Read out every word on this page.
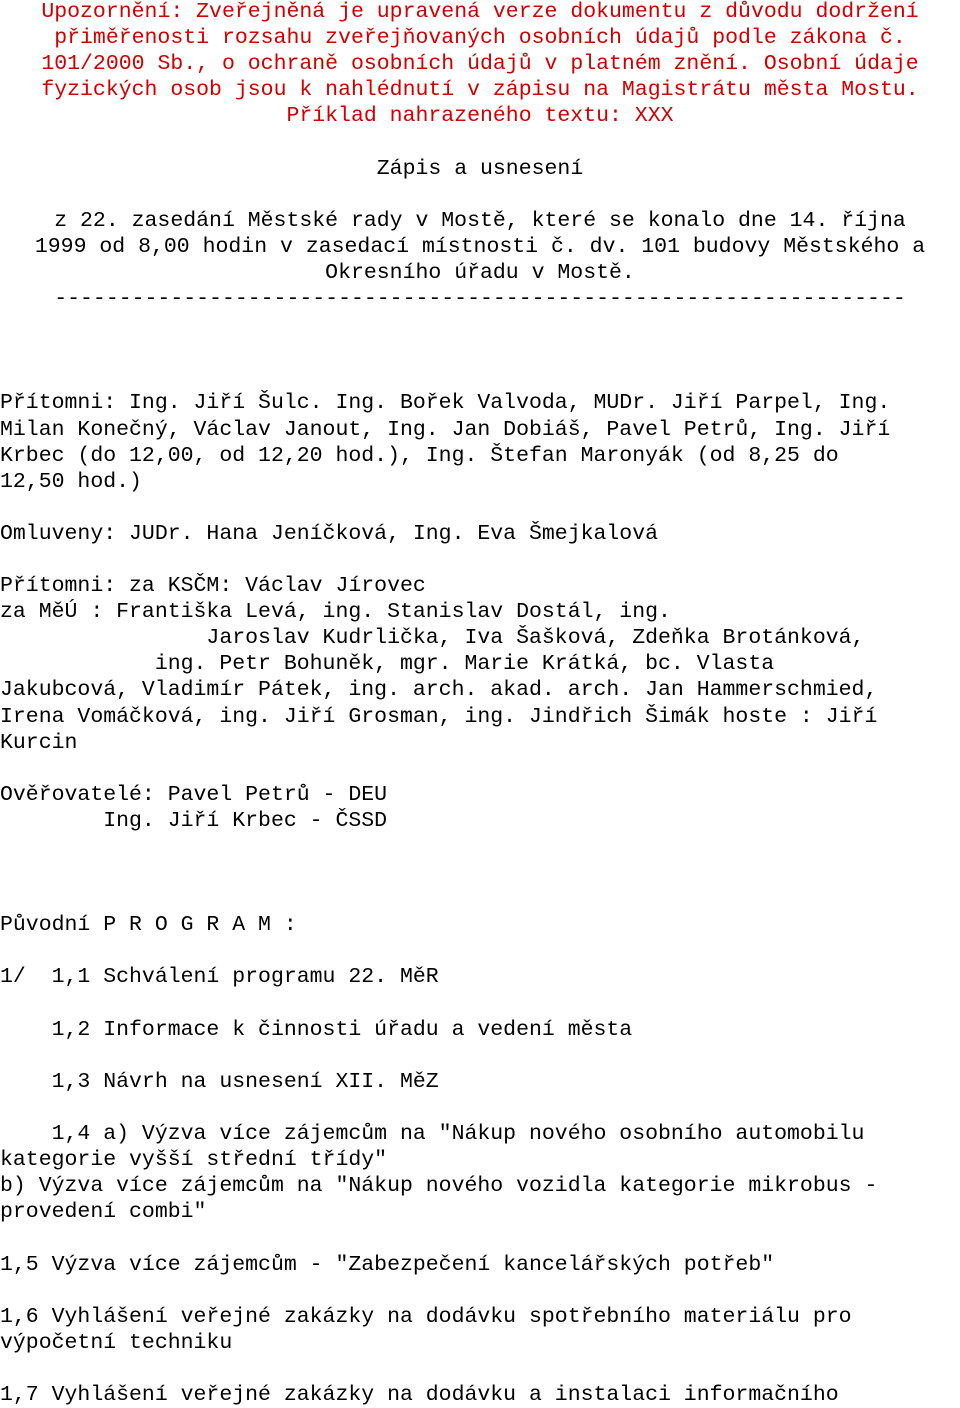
Upozornění: Zveřejněná je upravená verze dokumentu z důvodu dodržení
přiměřenosti rozsahu zveřejňovaných osobních údajů podle zákona č.
101/2000 Sb., o ochraně osobních údajů v platném znění. Osobní údaje
fyzických osob jsou k nahlédnutí v zápisu na Magistrátu města Mostu.
Příklad nahrazeného textu: XXX
Zápis a usnesení
z 22. zasedání Městské rady v Mostě, které se konalo dne 14. října
1999 od 8,00 hodin v zasedací místnosti č. dv. 101 budovy Městského a
Okresního úřadu v Mostě.
------------------------------------------------------------------
Přítomni: Ing. Jiří Šulc. Ing. Bořek Valvoda, MUDr. Jiří Parpel, Ing.
Milan Konečný, Václav Janout, Ing. Jan Dobiáš, Pavel Petrů, Ing. Jiří
Krbec (do 12,00, od 12,20 hod.), Ing. Štefan Maronyák (od 8,25 do
12,50 hod.)
Omluveny: JUDr. Hana Jeníčková, Ing. Eva Šmejkalová
Přítomni: za KSČM: Václav Jírovec
za MěÚ : Františka Levá, ing. Stanislav Dostál, ing.
Jaroslav Kudrlička, Iva Šašková, Zdeňka Brotánková,
ing. Petr Bohuněk, mgr. Marie Krátká, bc. Vlasta
Jakubcová, Vladimír Pátek, ing. arch. akad. arch. Jan Hammerschmied,
Irena Vomáčková, ing. Jiří Grosman, ing. Jindřich Šimák hoste : Jiří
Kurcin
Ověřovatelé: Pavel Petrů - DEU
Ing. Jiří Krbec - ČSSD
Původní P R O G R A M :
1/  1,1 Schválení programu 22. MěR
1,2 Informace k činnosti úřadu a vedení města
1,3 Návrh na usnesení XII. MěZ
1,4 a) Výzva více zájemcům na "Nákup nového osobního automobilu
kategorie vyšší střední třídy"
b) Výzva více zájemcům na "Nákup nového vozidla kategorie mikrobus -
provedení combi"
1,5 Výzva více zájemcům - "Zabezpečení kancelářských potřeb"
1,6 Vyhlášení veřejné zakázky na dodávku spotřebního materiálu pro
výpočetní techniku
1,7 Vyhlášení veřejné zakázky na dodávku a instalaci informačního
